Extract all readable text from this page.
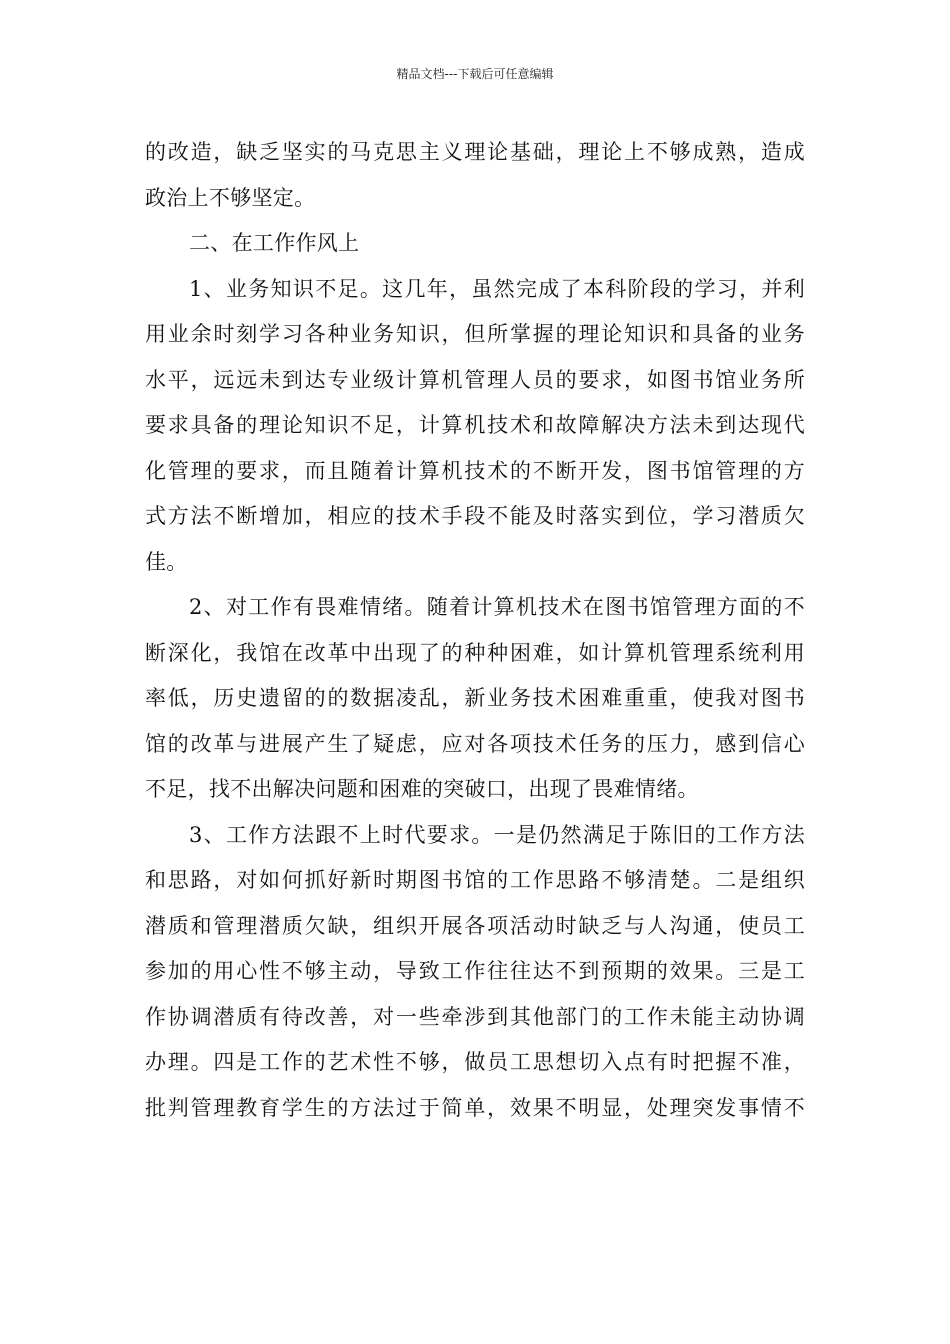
精品文档---下载后可任意编辑
的改造，缺乏坚实的马克思主义理论基础，理论上不够成熟，造成
政治上不够坚定。
二、在工作作风上
1、业务知识不足。这几年，虽然完成了本科阶段的学习，并利
用业余时刻学习各种业务知识，但所掌握的理论知识和具备的业务
水平，远远未到达专业级计算机管理人员的要求，如图书馆业务所
要求具备的理论知识不足，计算机技术和故障解决方法未到达现代
化管理的要求，而且随着计算机技术的不断开发，图书馆管理的方
式方法不断增加，相应的技术手段不能及时落实到位，学习潜质欠
佳。
2、对工作有畏难情绪。随着计算机技术在图书馆管理方面的不
断深化，我馆在改革中出现了的种种困难，如计算机管理系统利用
率低，历史遗留的的数据凌乱，新业务技术困难重重，使我对图书
馆的改革与进展产生了疑虑，应对各项技术任务的压力，感到信心
不足，找不出解决问题和困难的突破口，出现了畏难情绪。
3、工作方法跟不上时代要求。一是仍然满足于陈旧的工作方法
和思路，对如何抓好新时期图书馆的工作思路不够清楚。二是组织
潜质和管理潜质欠缺，组织开展各项活动时缺乏与人沟通，使员工
参加的用心性不够主动，导致工作往往达不到预期的效果。三是工
作协调潜质有待改善，对一些牵涉到其他部门的工作未能主动协调
办理。四是工作的艺术性不够，做员工思想切入点有时把握不准，
批判管理教育学生的方法过于简单，效果不明显，处理突发事情不
